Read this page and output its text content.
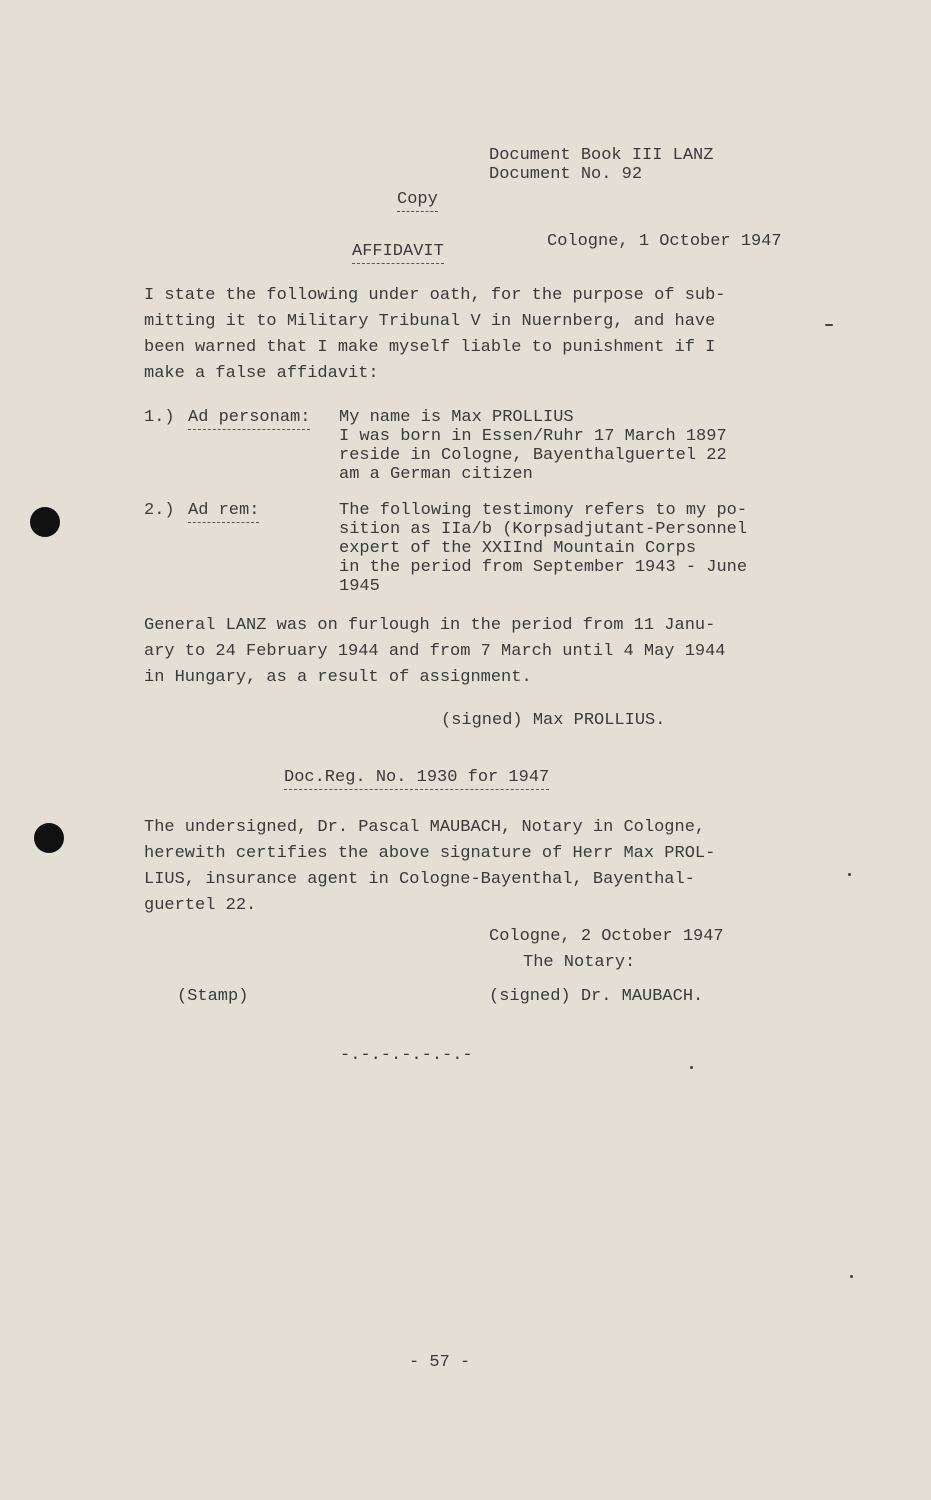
Document Book III LANZ
Document No. 92
Copy
Cologne, 1 October 1947
AFFIDAVIT
I state the following under oath, for the purpose of sub-
mitting it to Military Tribunal V in Nuernberg, and have
been warned that I make myself liable to punishment if I
make a false affidavit:
1.) Ad personam: My name is Max PROLLIUS
I was born in Essen/Ruhr 17 March 1897
reside in Cologne, Bayenthalguertel 22
am a German citizen
2.) Ad rem:	The following testimony refers to my po-
sition as IIa/b (Korpsadjutant-Personnel
expert of the XXIInd Mountain Corps
in the period from September 1943 - June
1945
General LANZ was on furlough in the period from 11 Janu-
ary to 24 February 1944 and from 7 March until 4 May 1944
in Hungary, as a result of assignment.
(signed) Max PROLLIUS.
Doc.Reg. No. 1930 for 1947
The undersigned, Dr. Pascal MAUBACH, Notary in Cologne,
herewith certifies the above signature of Herr Max PROL-
LIUS, insurance agent in Cologne-Bayenthal, Bayenthal-
guertel 22.
Cologne, 2 October 1947
The Notary:
(Stamp)	(signed) Dr. MAUBACH.
-.-.-.-.-.-.-
- 57 -
